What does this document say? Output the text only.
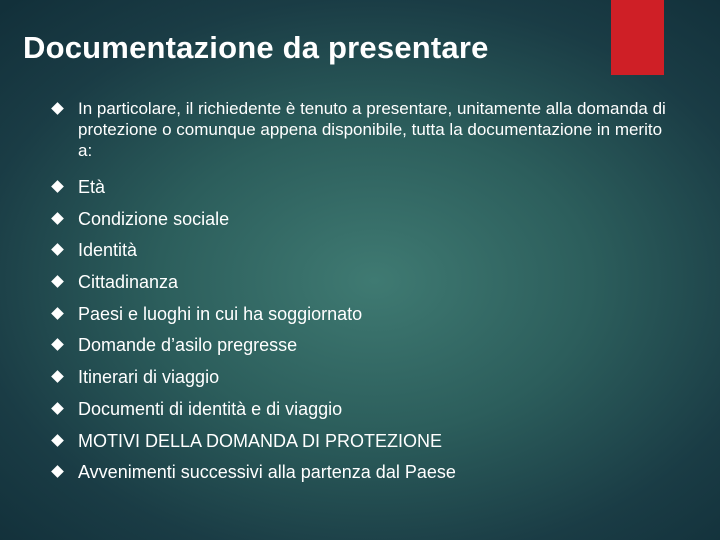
Documentazione da presentare
In particolare, il richiedente è tenuto a presentare, unitamente alla domanda di protezione o comunque appena disponibile, tutta la documentazione in merito a:
Età
Condizione sociale
Identità
Cittadinanza
Paesi e luoghi in cui ha soggiornato
Domande d’asilo pregresse
Itinerari di viaggio
Documenti di identità e di viaggio
MOTIVI DELLA DOMANDA DI PROTEZIONE
Avvenimenti successivi alla partenza dal Paese
